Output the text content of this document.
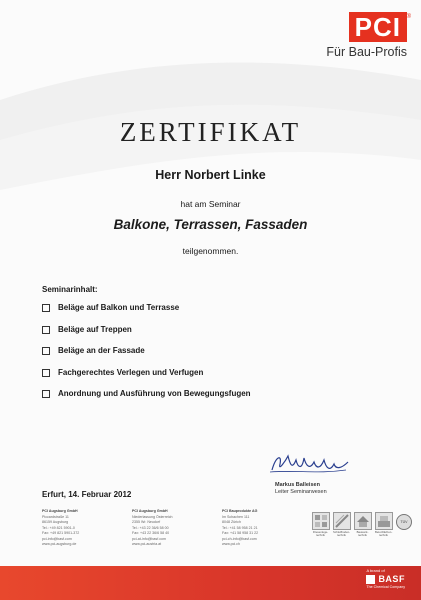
PCI ®
Für Bau-Profis
ZERTIFIKAT
Herr Norbert Linke
hat am Seminar
Balkone, Terrassen, Fassaden
teilgenommen.
Seminarinhalt:
Beläge auf Balkon und Terrasse
Beläge auf Treppen
Beläge an der Fassade
Fachgerechtes Verlegen und Verfugen
Anordnung und Ausführung von Bewegungsfugen
Markus Balleisen
Leiter Seminarwesen
Erfurt, 14. Februar 2012
PCI Augsburg GmbH
Piccardstraße 11
86159 Augsburg
Tel.: +49 821 5901-0
Fax: +49 821 5901-372
pci-info@basf.com
www.pci-augsburg.de
PCI Augsburg GmbH
Niederlassung Österreich
2355 Wr. Neudorf
Tel.: +43 22 36/6 58 00
Fax: +43 22 36/6 58 40
pci-at-info@basf.com
www.pci-austria.at
PCI Bauprodukte AG
Im Schachen 111
8048 Zürich
Tel.: +41 58 958 21 21
Fax: +41 58 958 31 22
pci-ch-info@basf.com
www.pci.ch
Fliesenlege-technik
Schleifboden-technik
Bauwerk-technik
Betonflächen-technik
TÜV
A brand of
BASF
The Chemical Company
